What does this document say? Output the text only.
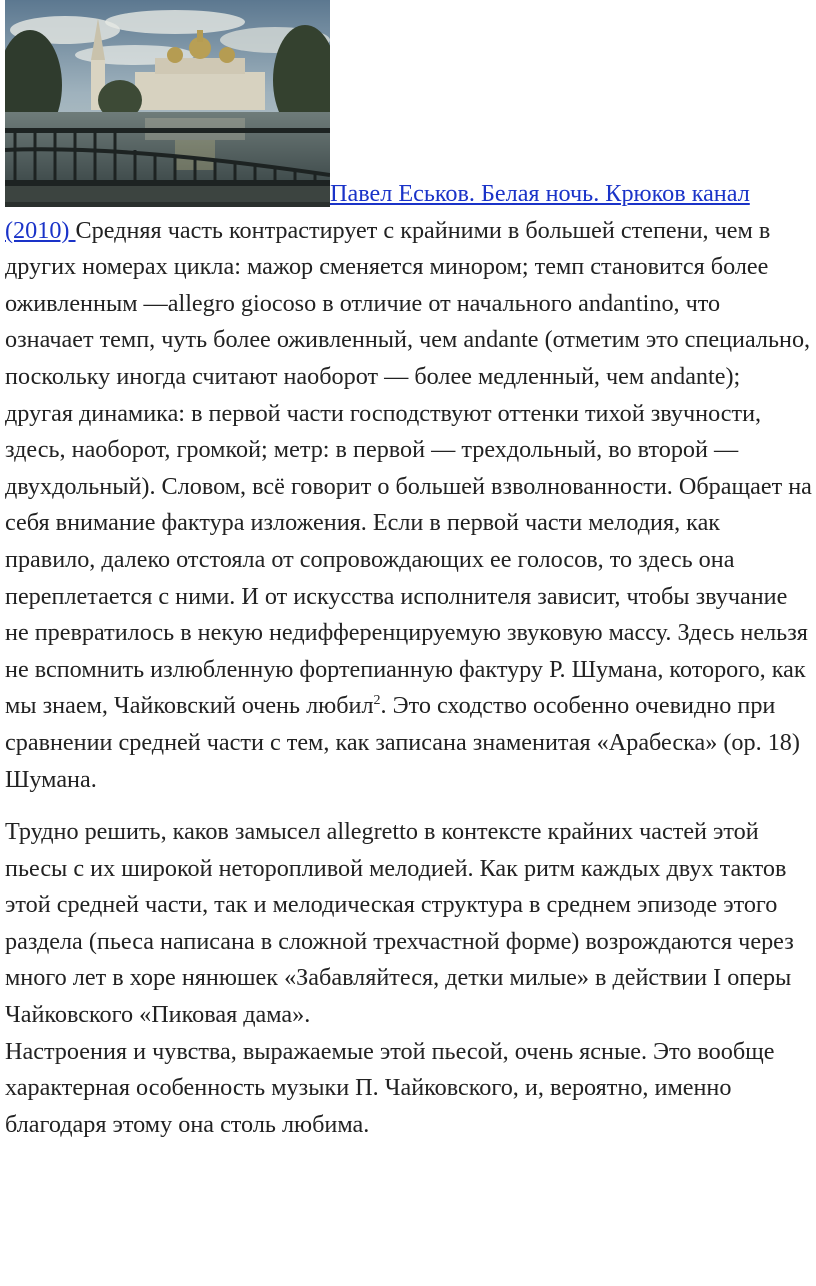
Павел Еськов. Белая ночь. Крюков канал (2010) Средняя часть контрастирует с крайними в большей степени, чем в других номерах цикла: мажор сменяется минором; темп становится более оживленным —allegro giocoso в отличие от начального andantino, что означает темп, чуть более оживленный, чем andante (отметим это специально, поскольку иногда считают наоборот — более медленный, чем andante); другая динамика: в первой части господствуют оттенки тихой звучности, здесь, наоборот, громкой; метр: в первой — трехдольный, во второй — двухдольный). Словом, всё говорит о большей взволнованности. Обращает на себя внимание фактура изложения. Если в первой части мелодия, как правило, далеко отстояла от сопровождающих ее голосов, то здесь она переплетается с ними. И от искусства исполнителя зависит, чтобы звучание не превратилось в некую недифференцируемую звуковую массу. Здесь нельзя не вспомнить излюбленную фортепианную фактуру Р. Шумана, которого, как мы знаем, Чайковский очень любил$^2$. Это сходство особенно очевидно при сравнении средней части с тем, как записана знаменитая «Арабеска» (ор. 18) Шумана.

Трудно решить, каков замысел allegretto в контексте крайних частей этой пьесы с их широкой неторопливой мелодией. Как ритм каждых двух тактов этой средней части, так и мелодическая структура в среднем эпизоде этого раздела (пьеса написана в сложной трехчастной форме) возрождаются через много лет в хоре нянюшек «Забавляйтеся, детки милые» в действии I оперы Чайковского «Пиковая дама».

Настроения и чувства, выражаемые этой пьесой, очень ясные. Это вообще характерная особенность музыки П. Чайковского, и, вероятно, именно благодаря этому она столь любима.
